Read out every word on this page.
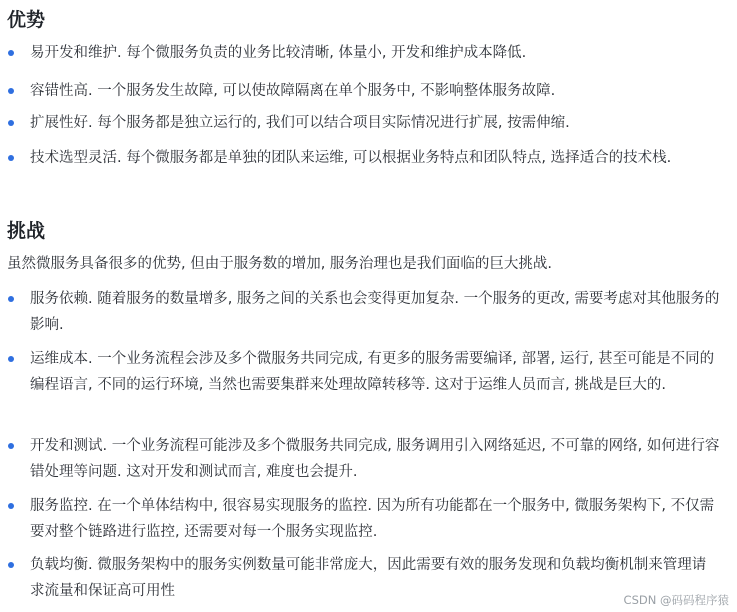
优势
易开发和维护. 每个微服务负责的业务比较清晰, 体量小, 开发和维护成本降低.
容错性高. 一个服务发生故障, 可以使故障隔离在单个服务中, 不影响整体服务故障.
扩展性好. 每个服务都是独立运行的, 我们可以结合项目实际情况进行扩展, 按需伸缩.
技术选型灵活. 每个微服务都是单独的团队来运维, 可以根据业务特点和团队特点, 选择适合的技术栈.
挑战

虽然微服务具备很多的优势, 但由于服务数的增加, 服务治理也是我们面临的巨大挑战.

服务依赖. 随着服务的数量增多, 服务之间的关系也会变得更加复杂. 一个服务的更改, 需要考虑对其他服务的影响.
运维成本. 一个业务流程会涉及多个微服务共同完成, 有更多的服务需要编译, 部署, 运行, 甚至可能是不同的编程语言, 不同的运行环境, 当然也需要集群来处理故障转移等. 这对于运维人员而言, 挑战是巨大的.
开发和测试. 一个业务流程可能涉及多个微服务共同完成, 服务调用引入网络延迟, 不可靠的网络, 如何进行容错处理等问题. 这对开发和测试而言, 难度也会提升.
服务监控. 在一个单体结构中, 很容易实现服务的监控. 因为所有功能都在一个服务中, 微服务架构下, 不仅需要对整个链路进行监控, 还需要对每一个服务实现监控.
负载均衡. 微服务架构中的服务实例数量可能非常庞大，因此需要有效的服务发现和负载均衡机制来管理请求流量和保证高可用性
CSDN @码码程序猿
